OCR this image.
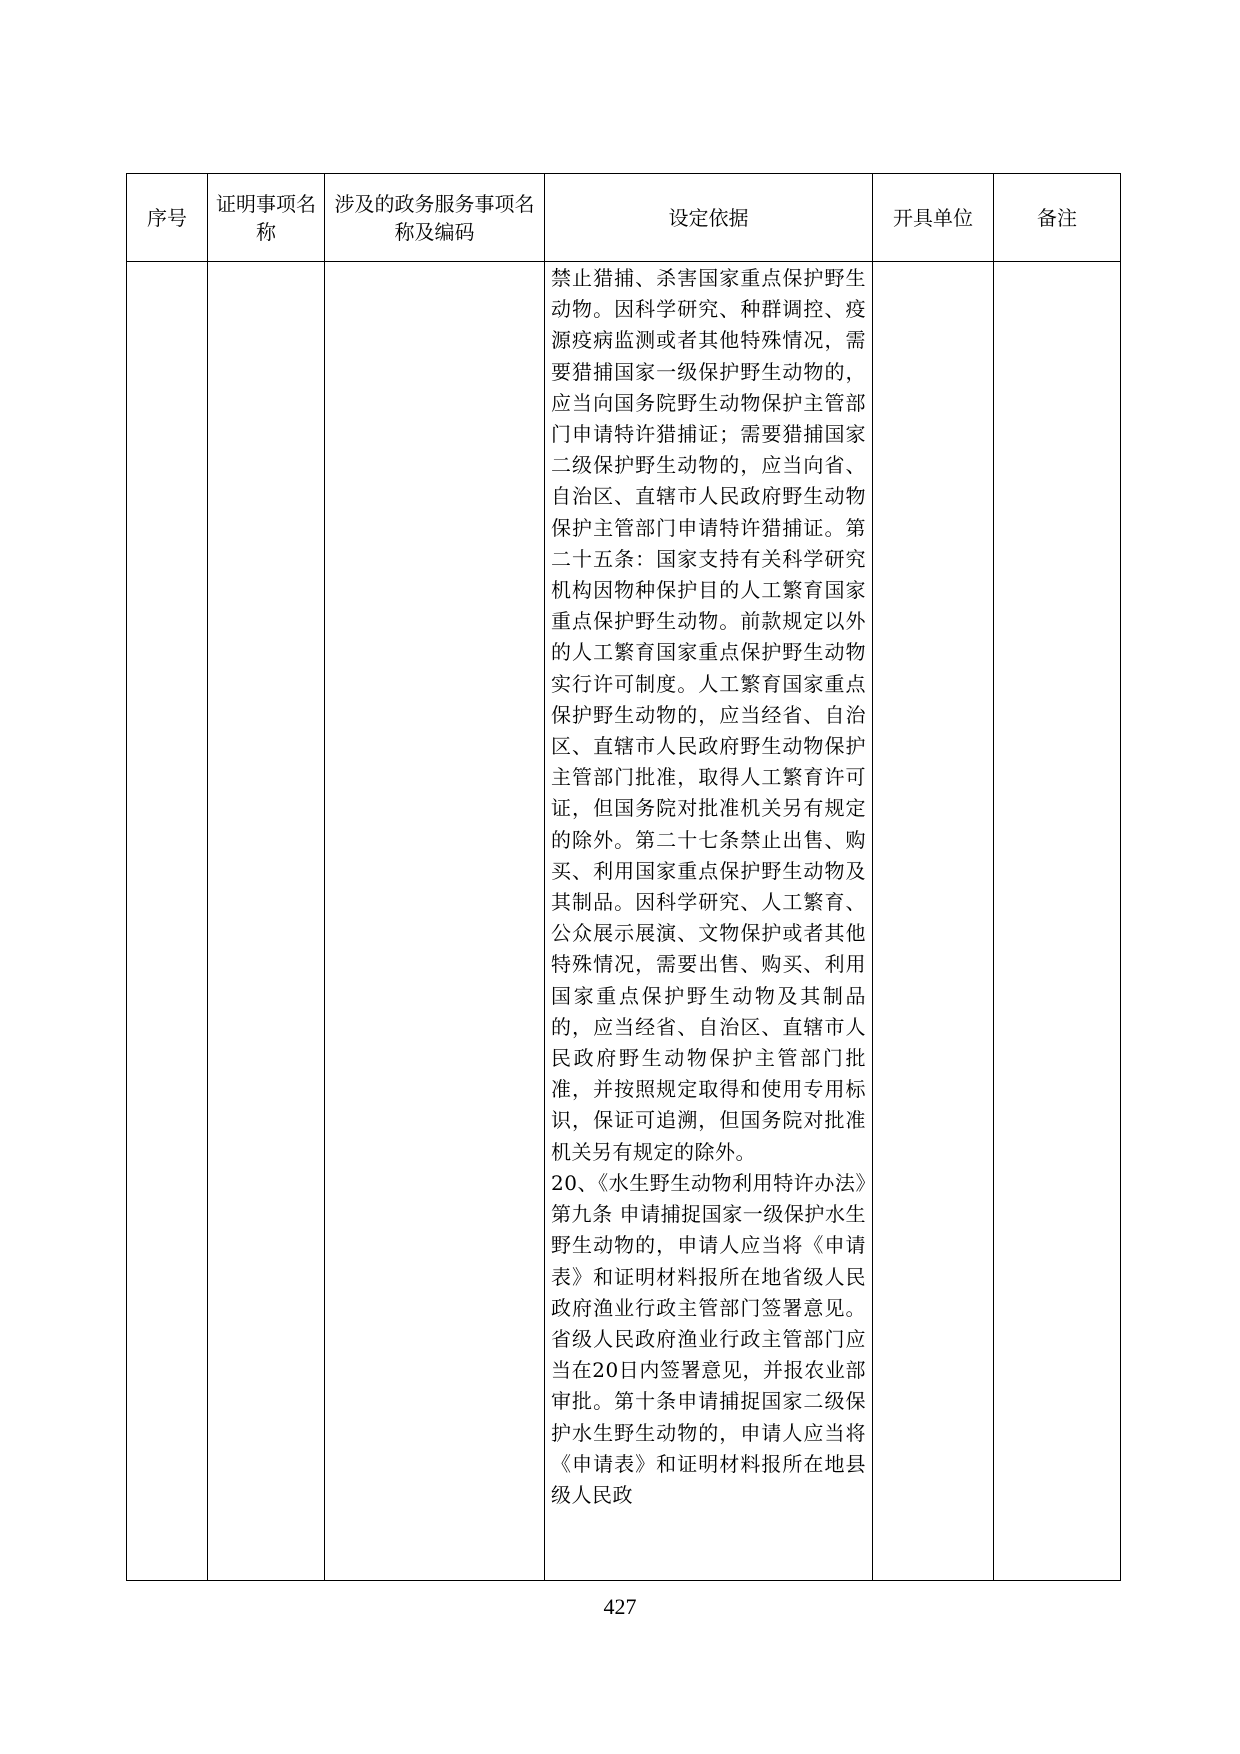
序号	证明事项名称	涉及的政务服务事项名称及编码	设定依据	开具单位	备注

			禁止猎捕、杀害国家重点保护野生动物。因科学研究、种群调控、疫源疫病监测或者其他特殊情况，需要猎捕国家一级保护野生动物的，应当向国务院野生动物保护主管部门申请特许猎捕证；需要猎捕国家二级保护野生动物的，应当向省、自治区、直辖市人民政府野生动物保护主管部门申请特许猎捕证。第二十五条：国家支持有关科学研究机构因物种保护目的人工繁育国家重点保护野生动物。前款规定以外的人工繁育国家重点保护野生动物实行许可制度。人工繁育国家重点保护野生动物的，应当经省、自治区、直辖市人民政府野生动物保护主管部门批准，取得人工繁育许可证，但国务院对批准机关另有规定的除外。第二十七条禁止出售、购买、利用国家重点保护野生动物及其制品。因科学研究、人工繁育、公众展示展演、文物保护或者其他特殊情况，需要出售、购买、利用国家重点保护野生动物及其制品的，应当经省、自治区、直辖市人民政府野生动物保护主管部门批准，并按照规定取得和使用专用标识，保证可追溯，但国务院对批准机关另有规定的除外。

20、《水生野生动物利用特许办法》第九条 申请捕捉国家一级保护水生野生动物的，申请人应当将《申请表》和证明材料报所在地省级人民政府渔业行政主管部门签署意见。省级人民政府渔业行政主管部门应当在20日内签署意见，并报农业部审批。第十条申请捕捉国家二级保护水生野生动物的，申请人应当将《申请表》和证明材料报所在地县级人民政		

427
